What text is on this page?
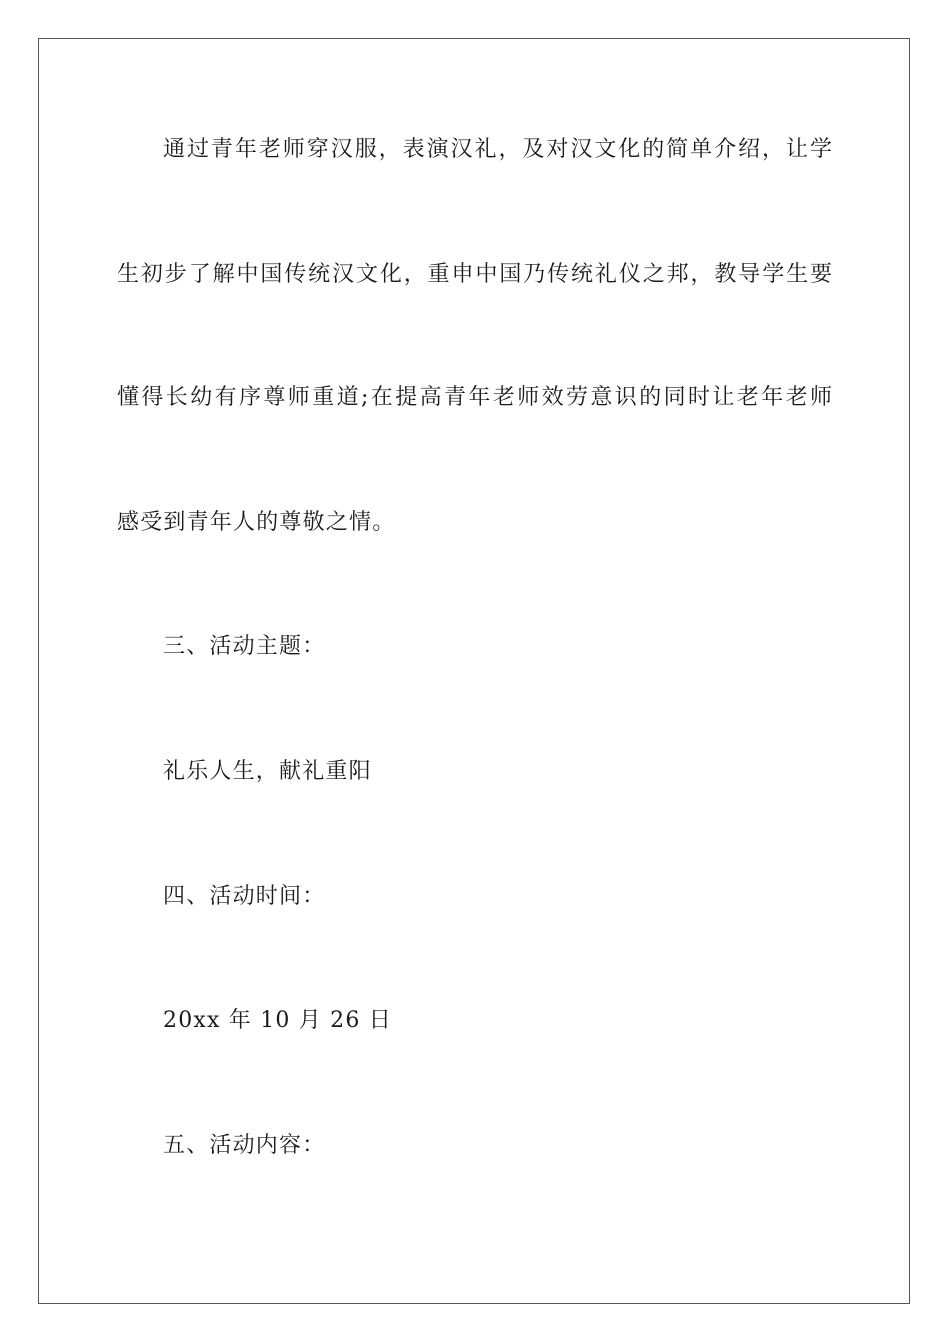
通过青年老师穿汉服，表演汉礼，及对汉文化的简单介绍，让学
生初步了解中国传统汉文化，重申中国乃传统礼仪之邦，教导学生要
懂得长幼有序尊师重道;在提高青年老师效劳意识的同时让老年老师
感受到青年人的尊敬之情。
三、活动主题：
礼乐人生，献礼重阳
四、活动时间：
20xx 年 10 月 26 日
五、活动内容：
